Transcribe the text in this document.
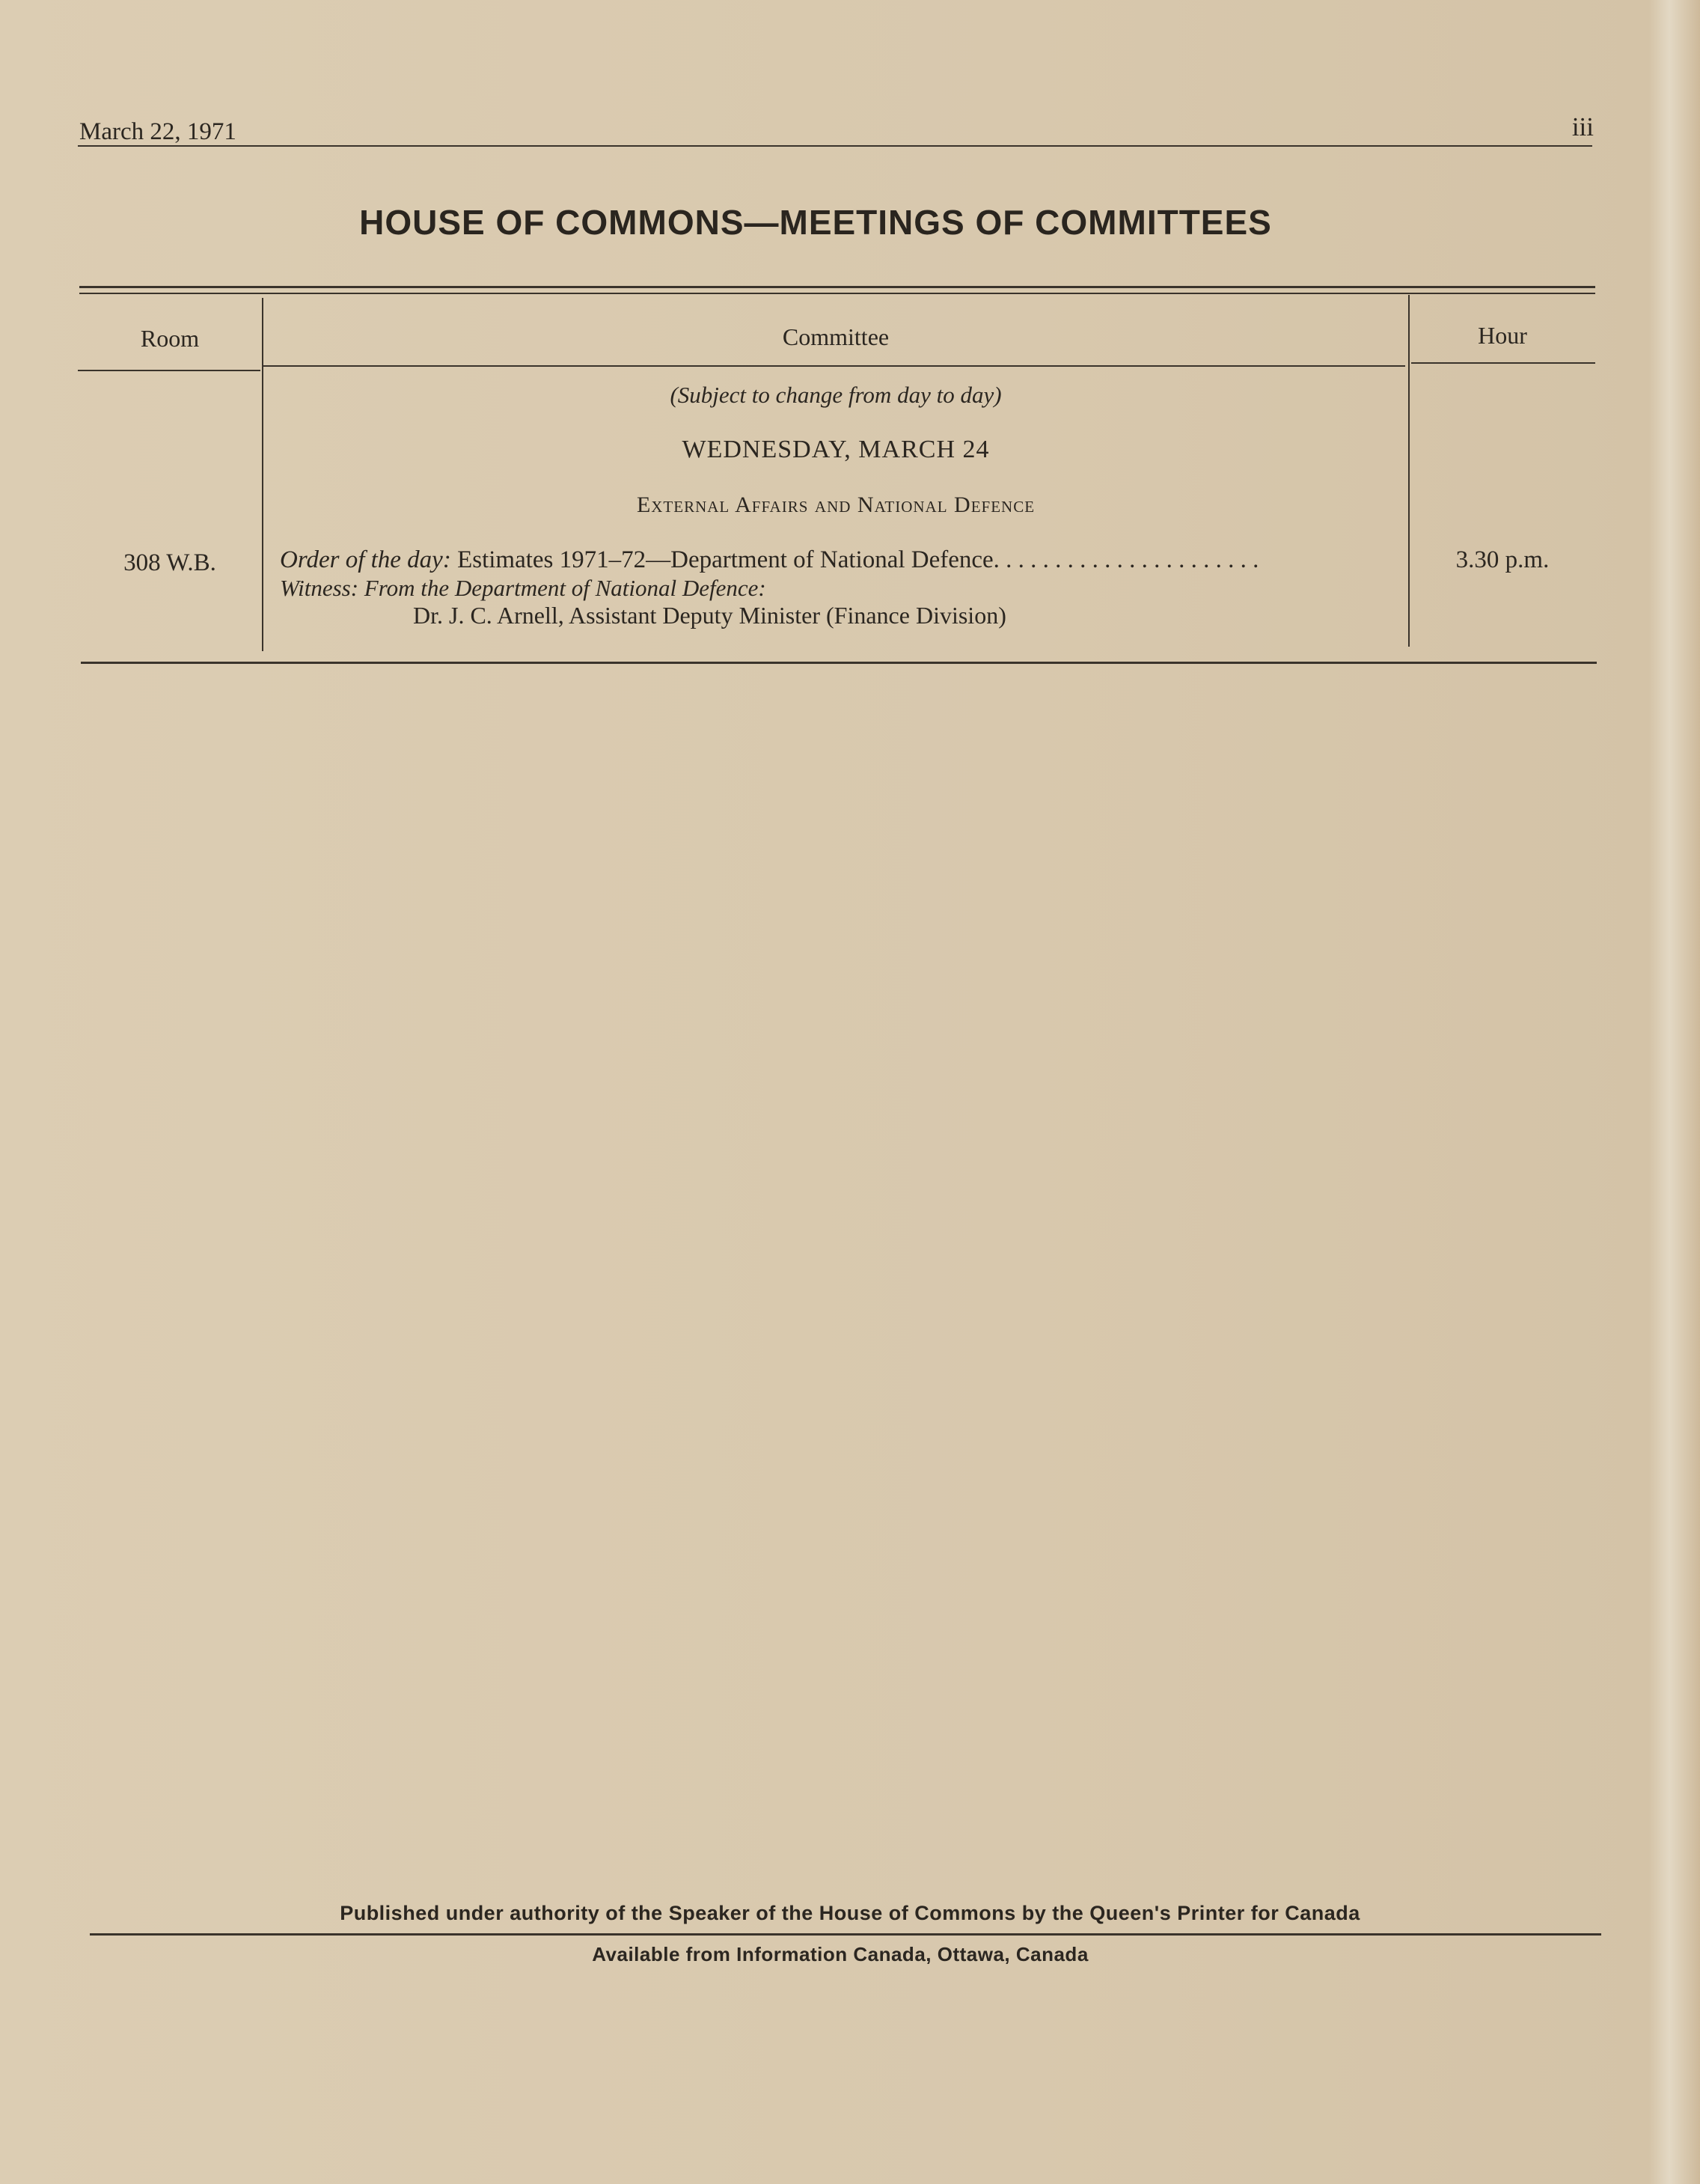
March 22, 1971	iii
HOUSE OF COMMONS—MEETINGS OF COMMITTEES
Room	Committee	Hour
(Subject to change from day to day)
WEDNESDAY, MARCH 24
External Affairs and National Defence
308 W.B.	Order of the day: Estimates 1971–72—Department of National Defence. . . . . . . . . . . . . . . . . . . . . .	3.30 p.m.
Witness: From the Department of National Defence:
Dr. J. C. Arnell, Assistant Deputy Minister (Finance Division)
Published under authority of the Speaker of the House of Commons by the Queen's Printer for Canada
Available from Information Canada, Ottawa, Canada
